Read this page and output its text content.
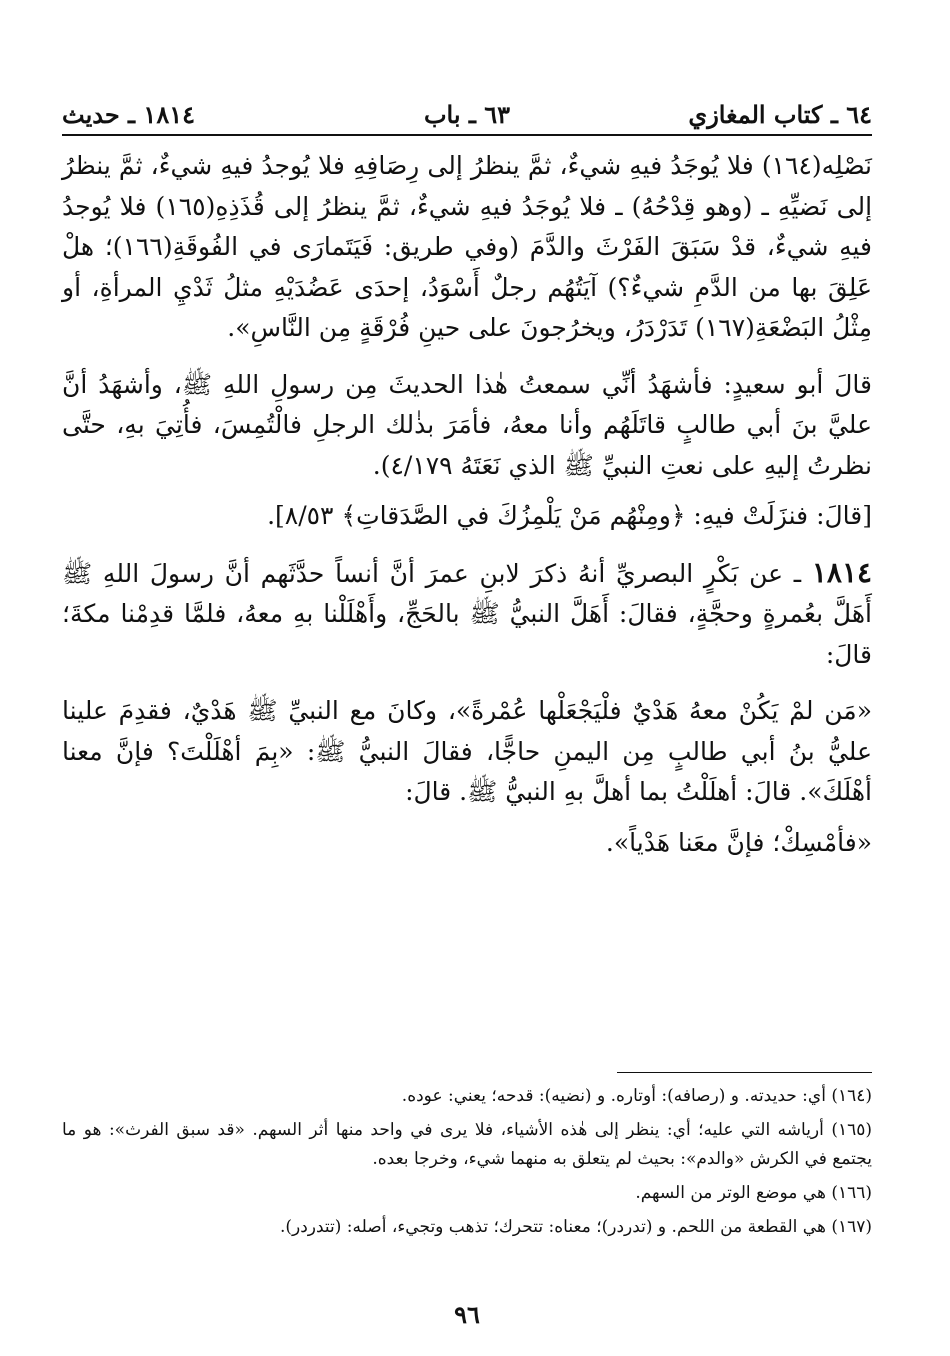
٦٤ ـ كتاب المغازي
٦٣ ـ باب
١٨١٤ ـ حديث

نَصْلِه(١٦٤) فلا يُوجَدُ فيهِ شيءٌ، ثمَّ ينظرُ إلى رِصَافِهِ فلا يُوجدُ فيهِ شيءٌ، ثمَّ ينظرُ إلى نَضيِّهِ ـ (وهو قِدْحُهُ) ـ فلا يُوجَدُ فيهِ شيءٌ، ثمَّ ينظرُ إلى قُذَذِهِ(١٦٥) فلا يُوجدُ فيهِ شيءٌ، قدْ سَبَقَ الفَرْثَ والدَّمَ (وفي طريق: فَيَتَمارَى في الفُوقَةِ(١٦٦)؛ هلْ عَلِقَ بها من الدَّمِ شيءٌ؟) آيَتُهُم رجلٌ أَسْوَدُ، إحدَى عَضُدَيْهِ مثلُ ثَدْيِ المرأةِ، أو مِثْلُ البَضْعَةِ(١٦٧) تَدَرْدَرُ، ويخرُجونَ على حينِ فُرْقَةٍ مِن النَّاسِ».

قالَ أبو سعيدٍ: فأشهَدُ أنِّي سمعتُ هٰذا الحديثَ مِن رسولِ اللهِ ﷺ، وأشهَدُ أنَّ عليَّ بنَ أبي طالبٍ قاتَلَهُم وأنا معهُ، فأمَرَ بذٰلك الرجلِ فالْتُمِسَ، فأُتِيَ بهِ، حتَّى نظرتُ إليهِ على نعتِ النبيِّ ﷺ الذي نَعَتَهُ ٤/١٧٩).

[قالَ: فنزَلَتْ فيهِ: ﴿ومِنْهُم مَنْ يَلْمِزُكَ في الصَّدَقاتِ﴾ ٨/٥٣].

١٨١٤ ـ عن بَكْرٍ البصريِّ أنهُ ذكرَ لابنِ عمرَ أنَّ أنساً حدَّثَهم أنَّ رسولَ اللهِ ﷺ أَهَلَّ بعُمرةٍ وحجَّةٍ، فقالَ: أَهَلَّ النبيُّ ﷺ بالحَجِّ، وأَهْلَلْنا بهِ معهُ، فلمَّا قدِمْنا مكةَ؛ قالَ:

«مَن لمْ يَكُنْ معهُ هَدْيٌ فلْيَجْعَلْها عُمْرةً»، وكانَ مع النبيِّ ﷺ هَدْيٌ، فقدِمَ علينا عليُّ بنُ أبي طالبٍ مِن اليمنِ حاجًّا، فقالَ النبيُّ ﷺ: «بِمَ أهْلَلْتَ؟ فإنَّ معنا أهْلَكَ». قالَ: أهلَلْتُ بما أهلَّ بهِ النبيُّ ﷺ. قالَ:

«فأمْسِكْ؛ فإنَّ معَنا هَدْياً».

(١٦٤) أي: حديدته. و (رصافه): أوتاره. و (نضيه): قدحه؛ يعني: عوده.

(١٦٥) أرياشه التي عليه؛ أي: ينظر إلى هٰذه الأشياء، فلا يرى في واحد منها أثر السهم. «قد سبق الفرث»: هو ما يجتمع في الكرش «والدم»: بحيث لم يتعلق به منهما شيء، وخرجا بعده.

(١٦٦) هي موضع الوتر من السهم.

(١٦٧) هي القطعة من اللحم. و (تدردر)؛ معناه: تتحرك؛ تذهب وتجيء، أصله: (تتدردر).

٩٦
